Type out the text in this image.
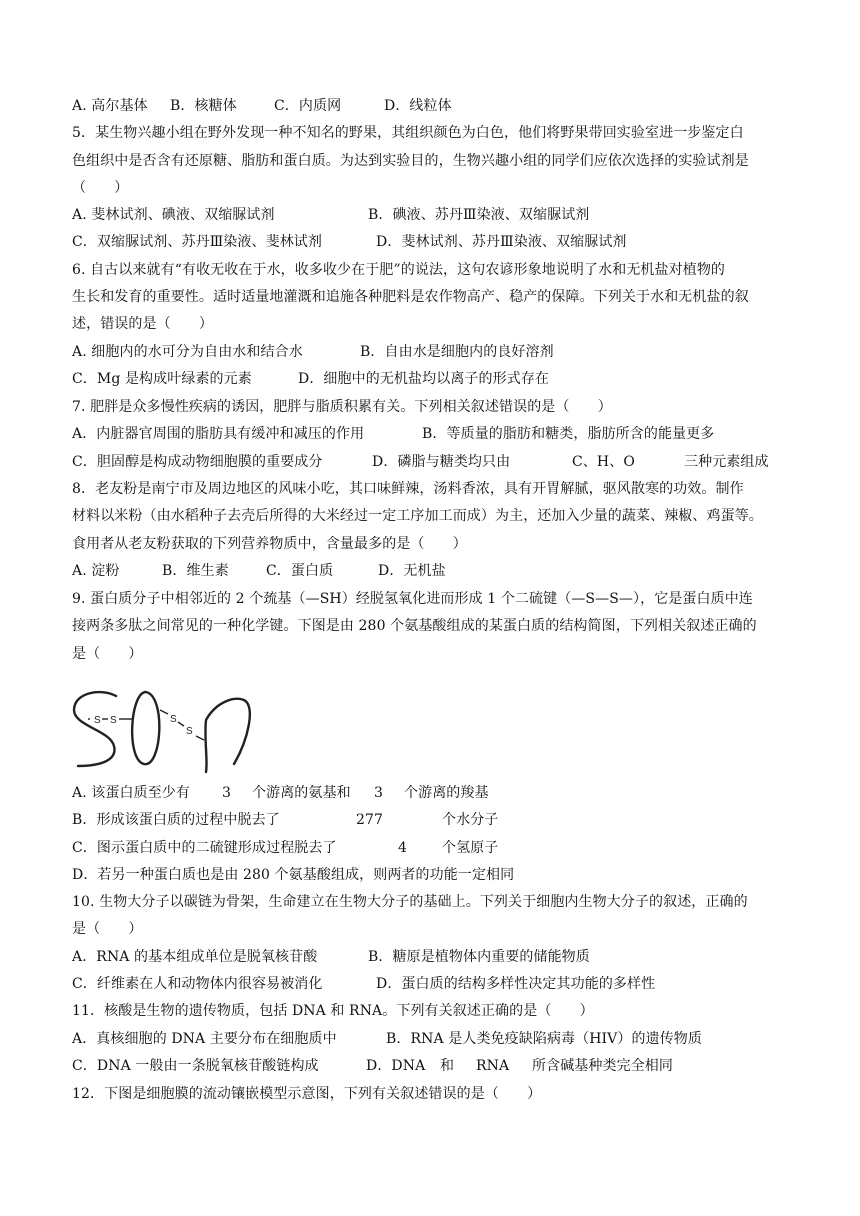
A. 高尔基体 B．核糖体	C．内质网	D．线粒体
5．某生物兴趣小组在野外发现一种不知名的野果，其组织颜色为白色，他们将野果带回实验室进一步鉴定白
色组织中是否含有还原糖、脂肪和蛋白质。为达到实验目的，生物兴趣小组的同学们应依次选择的实验试剂是
（　　）
A. 斐林试剂、碘液、双缩脲试剂	B．碘液、苏丹Ⅲ染液、双缩脲试剂
C．双缩脲试剂、苏丹Ⅲ染液、斐林试剂	D．斐林试剂、苏丹Ⅲ染液、双缩脲试剂
6. 自古以来就有“有收无收在于水，收多收少在于肥”的说法，这句农谚形象地说明了水和无机盐对植物的
生长和发育的重要性。适时适量地灌溉和追施各种肥料是农作物高产、稳产的保障。下列关于水和无机盐的叙
述，错误的是（　　）
A. 细胞内的水可分为自由水和结合水	B．自由水是细胞内的良好溶剂
C．Mg 是构成叶绿素的元素	D．细胞中的无机盐均以离子的形式存在
7. 肥胖是众多慢性疾病的诱因，肥胖与脂质积累有关。下列相关叙述错误的是（　　）
A．内脏器官周围的脂肪具有缓冲和减压的作用	B．等质量的脂肪和糖类，脂肪所含的能量更多
C．胆固醇是构成动物细胞膜的重要成分	D．磷脂与糖类均只由	C、H、O	三种元素组成
8．老友粉是南宁市及周边地区的风味小吃，其口味鲜辣，汤料香浓，具有开胃解腻，驱风散寒的功效。制作
材料以米粉（由水稻种子去壳后所得的大米经过一定工序加工而成）为主，还加入少量的蔬菜、辣椒、鸡蛋等。
食用者从老友粉获取的下列营养物质中，含量最多的是（　　）
A. 淀粉	B．维生素	C．蛋白质	D．无机盐
9. 蛋白质分子中相邻近的 2 个巯基（—SH）经脱氢氧化进而形成 1 个二硫键（—S—S—），它是蛋白质中连
接两条多肽之间常见的一种化学键。下图是由 280 个氨基酸组成的某蛋白质的结构简图，下列相关叙述正确的
是（　　）
S S	S
S
A. 该蛋白质至少有 3 个游离的氨基和 3 个游离的羧基
B．形成该蛋白质的过程中脱去了	277	个水分子
C．图示蛋白质中的二硫键形成过程脱去了	4 个氢原子
D．若另一种蛋白质也是由 280 个氨基酸组成，则两者的功能一定相同
10. 生物大分子以碳链为骨架，生命建立在生物大分子的基础上。下列关于细胞内生物大分子的叙述，正确的
是（　　）
A．RNA 的基本组成单位是脱氧核苷酸	B．糖原是植物体内重要的储能物质
C．纤维素在人和动物体内很容易被消化	D．蛋白质的结构多样性决定其功能的多样性
11．核酸是生物的遗传物质，包括 DNA 和 RNA。下列有关叙述正确的是（　　）
A．真核细胞的 DNA 主要分布在细胞质中	B．RNA 是人类免疫缺陷病毒（HIV）的遗传物质
C．DNA 一般由一条脱氧核苷酸链构成	D．DNA 和 RNA 所含碱基种类完全相同
12．下图是细胞膜的流动镶嵌模型示意图，下列有关叙述错误的是（　　）
